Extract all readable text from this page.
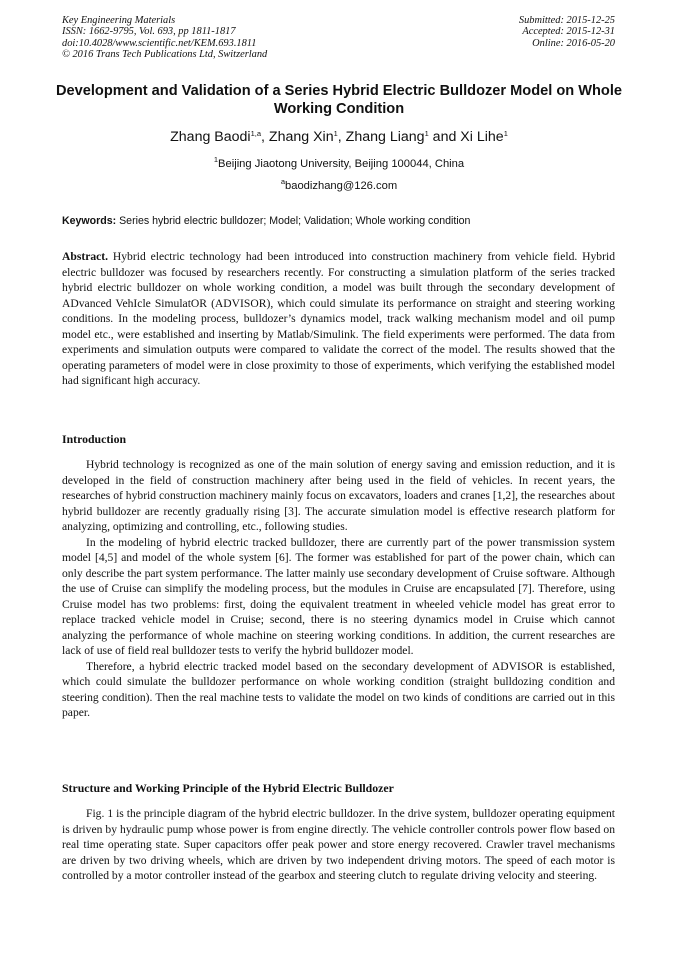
Key Engineering Materials
ISSN: 1662-9795, Vol. 693, pp 1811-1817
doi:10.4028/www.scientific.net/KEM.693.1811
© 2016 Trans Tech Publications Ltd, Switzerland
Submitted: 2015-12-25
Accepted: 2015-12-31
Online: 2016-05-20
Development and Validation of a Series Hybrid Electric Bulldozer Model on Whole Working Condition
Zhang Baodi$^{1,a}$, Zhang Xin$^1$, Zhang Liang$^1$ and Xi Lihe$^1$
$^1$Beijing Jiaotong University, Beijing 100044, China
$^a$baodizhang@126.com
Keywords: Series hybrid electric bulldozer; Model; Validation; Whole working condition

Abstract. Hybrid electric technology had been introduced into construction machinery from vehicle field. Hybrid electric bulldozer was focused by researchers recently. For constructing a simulation platform of the series tracked hybrid electric bulldozer on whole working condition, a model was built through the secondary development of ADvanced VehIcle SimulatOR (ADVISOR), which could simulate its performance on straight and steering working conditions. In the modeling process, bulldozer’s dynamics model, track walking mechanism model and oil pump model etc., were established and inserting by Matlab/Simulink. The field experiments were performed. The data from experiments and simulation outputs were compared to validate the correct of the model. The results showed that the operating parameters of model were in close proximity to those of experiments, which verifying the established model had significant high accuracy.

Introduction

Hybrid technology is recognized as one of the main solution of energy saving and emission reduction, and it is developed in the field of construction machinery after being used in the field of vehicles. In recent years, the researches of hybrid construction machinery mainly focus on excavators, loaders and cranes [1,2], the researches about hybrid bulldozer are recently gradually rising [3]. The accurate simulation model is effective research platform for analyzing, optimizing and controlling, etc., following studies.

In the modeling of hybrid electric tracked bulldozer, there are currently part of the power transmission system model [4,5] and model of the whole system [6]. The former was established for part of the power chain, which can only describe the part system performance. The latter mainly use secondary development of Cruise software. Although the use of Cruise can simplify the modeling process, but the modules in Cruise are encapsulated [7]. Therefore, using Cruise model has two problems: first, doing the equivalent treatment in wheeled vehicle model has great error to replace tracked vehicle model in Cruise; second, there is no steering dynamics model in Cruise which cannot analyzing the performance of whole machine on steering working conditions. In addition, the current researches are lack of use of field real bulldozer tests to verify the hybrid bulldozer model.

Therefore, a hybrid electric tracked model based on the secondary development of ADVISOR is established, which could simulate the bulldozer performance on whole working condition (straight bulldozing condition and steering condition). Then the real machine tests to validate the model on two kinds of conditions are carried out in this paper.

Structure and Working Principle of the Hybrid Electric Bulldozer

Fig. 1 is the principle diagram of the hybrid electric bulldozer. In the drive system, bulldozer operating equipment is driven by hydraulic pump whose power is from engine directly. The vehicle controller controls power flow based on real time operating state. Super capacitors offer peak power and store energy recovered. Crawler travel mechanisms are driven by two driving wheels, which are driven by two independent driving motors. The speed of each motor is controlled by a motor controller instead of the gearbox and steering clutch to regulate driving velocity and steering.
